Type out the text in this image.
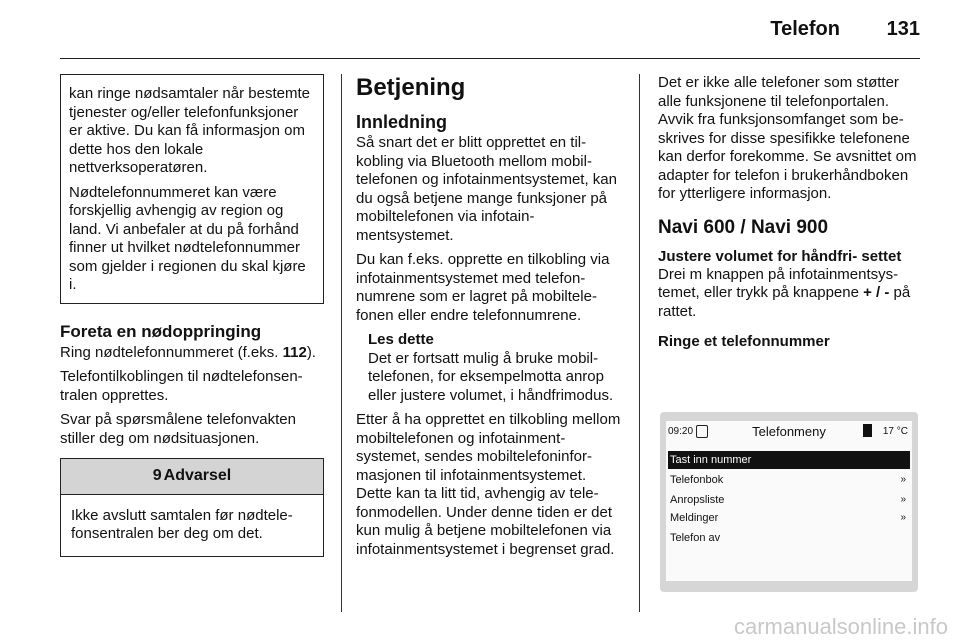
Telefon 131

kan ringe nødsamtaler når bestemte tjenester og/eller telefonfunksjoner er aktive. Du kan få informasjon om dette hos den lokale nettverksoperatøren.

Nødtelefonnummeret kan være forskjellig avhengig av region og land. Vi anbefaler at du på forhånd finner ut hvilket nødtelefonnummer som gjelder i regionen du skal kjøre i.

Foreta en nødoppringing

Ring nødtelefonnummeret (f.eks. 112).

Telefontilkoblingen til nødtelefonsentralen opprettes.

Svar på spørsmålene telefonvakten stiller deg om nødsituasjonen.

9 Advarsel
Ikke avslutt samtalen før nødtelefonsentralen ber deg om det.
Betjening
Innledning

Så snart det er blitt opprettet en tilkobling via Bluetooth mellom mobiltelefonen og infotainmentsystemet, kan du også betjene mange funksjoner på mobiltelefonen via infotainmentsystemet.

Du kan f.eks. opprette en tilkobling via infotainmentsystemet med telefonnumrene som er lagret på mobiltelefonen eller endre telefonnumrene.

Les dette
Det er fortsatt mulig å bruke mobiltelefonen, for eksempelmotta anrop eller justere volumet, i håndfrimodus.

Etter å ha opprettet en tilkobling mellom mobiltelefonen og infotainmentsystemet, sendes mobiltelefoninformasjonen til infotainmentsystemet. Dette kan ta litt tid, avhengig av telefonmodellen. Under denne tiden er det kun mulig å betjene mobiltelefonen via infotainmentsystemet i begrenset grad.

Det er ikke alle telefoner som støtter alle funksjonene til telefonportalen. Avvik fra funksjonsomfanget som beskrives for disse spesifikke telefonene kan derfor forekomme. Se avsnittet om adapter for telefon i brukerhåndboken for ytterligere informasjon.

Navi 600 / Navi 900
Justere volumet for håndfri- settet

Drei m knappen på infotainmentsystemet, eller trykk på knappene + / - på rattet.

Ringe et telefonnummer
09:20	Telefonmeny	17 °C
Tast inn nummer
Telefonbok	»
Anropsliste	»
Meldinger	»
Telefon av
carmanualsonline.info
